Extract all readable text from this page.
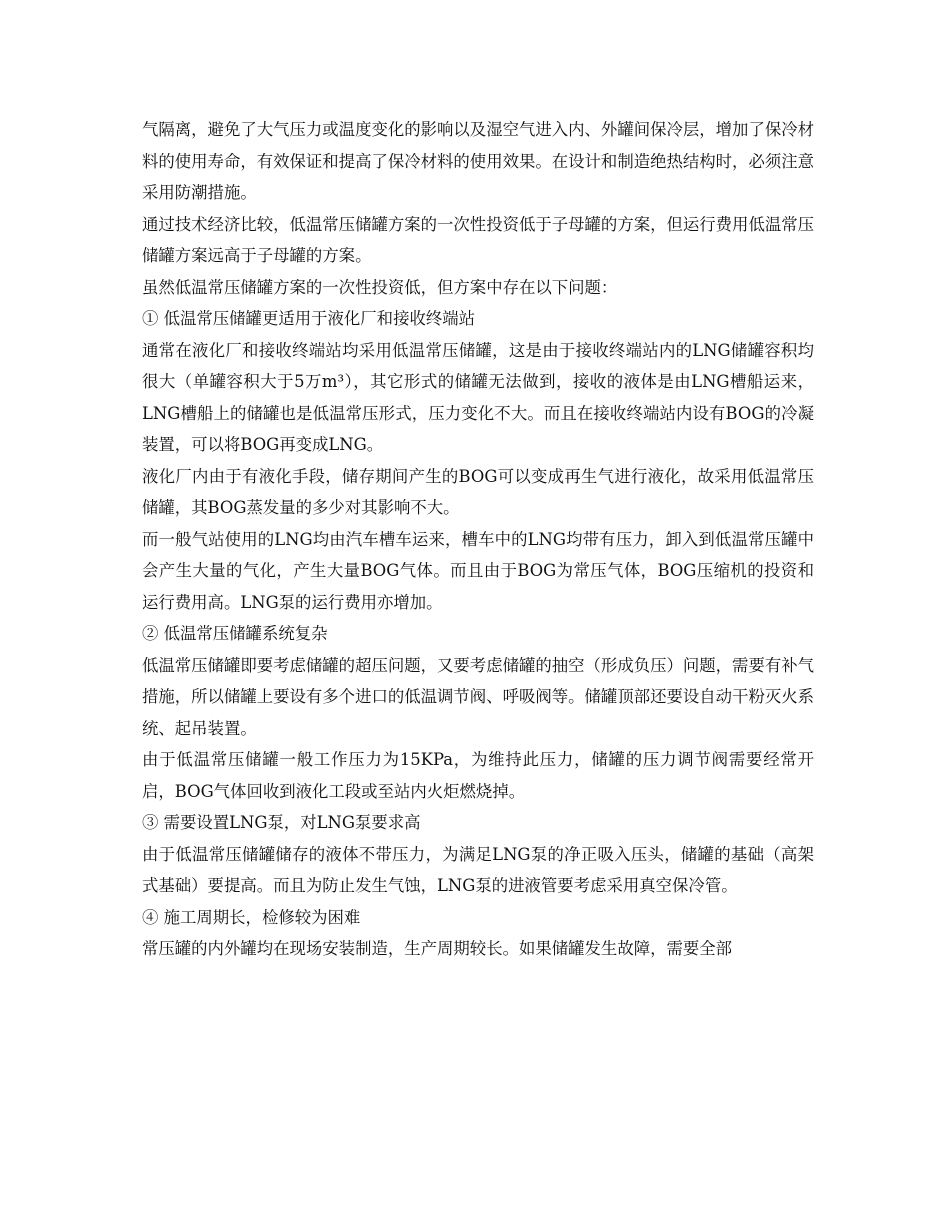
气隔离，避免了大气压力或温度变化的影响以及湿空气进入内、外罐间保冷层，增加了保冷材料的使用寿命，有效保证和提高了保冷材料的使用效果。在设计和制造绝热结构时，必须注意采用防潮措施。

通过技术经济比较，低温常压储罐方案的一次性投资低于子母罐的方案，但运行费用低温常压储罐方案远高于子母罐的方案。

虽然低温常压储罐方案的一次性投资低，但方案中存在以下问题：

① 低温常压储罐更适用于液化厂和接收终端站

通常在液化厂和接收终端站均采用低温常压储罐，这是由于接收终端站内的LNG储罐容积均很大（单罐容积大于5万m³），其它形式的储罐无法做到，接收的液体是由LNG槽船运来，LNG槽船上的储罐也是低温常压形式，压力变化不大。而且在接收终端站内设有BOG的冷凝装置，可以将BOG再变成LNG。

液化厂内由于有液化手段，储存期间产生的BOG可以变成再生气进行液化，故采用低温常压储罐，其BOG蒸发量的多少对其影响不大。

而一般气站使用的LNG均由汽车槽车运来，槽车中的LNG均带有压力，卸入到低温常压罐中会产生大量的气化，产生大量BOG气体。而且由于BOG为常压气体，BOG压缩机的投资和运行费用高。LNG泵的运行费用亦增加。

② 低温常压储罐系统复杂

低温常压储罐即要考虑储罐的超压问题，又要考虑储罐的抽空（形成负压）问题，需要有补气措施，所以储罐上要设有多个进口的低温调节阀、呼吸阀等。储罐顶部还要设自动干粉灭火系统、起吊装置。

由于低温常压储罐一般工作压力为15KPa，为维持此压力，储罐的压力调节阀需要经常开启，BOG气体回收到液化工段或至站内火炬燃烧掉。

③ 需要设置LNG泵，对LNG泵要求高

由于低温常压储罐储存的液体不带压力，为满足LNG泵的净正吸入压头，储罐的基础（高架式基础）要提高。而且为防止发生气蚀，LNG泵的进液管要考虑采用真空保冷管。

④ 施工周期长，检修较为困难

常压罐的内外罐均在现场安装制造，生产周期较长。如果储罐发生故障，需要全部
